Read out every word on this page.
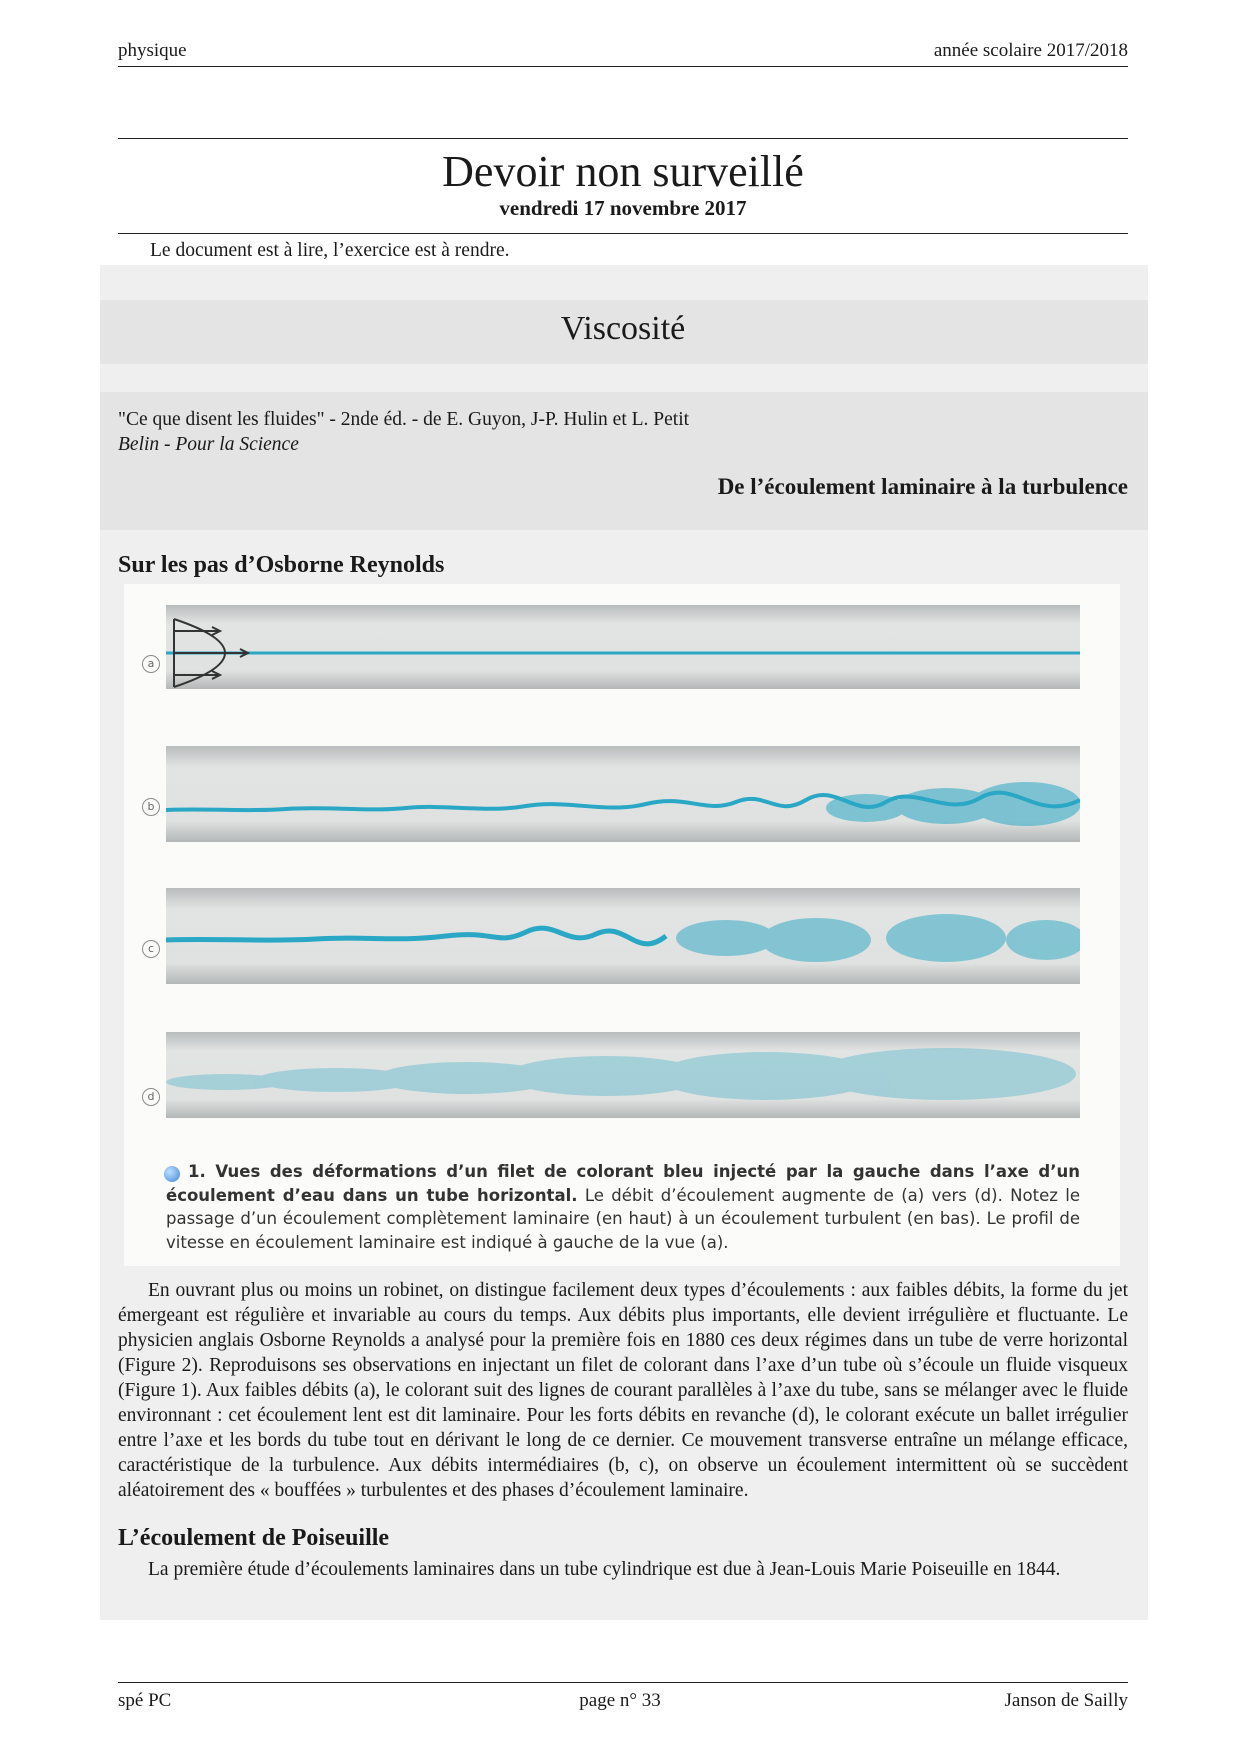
physique	année scolaire 2017/2018
Devoir non surveillé
vendredi 17 novembre 2017
Le document est à lire, l’exercice est à rendre.
Viscosité
"Ce que disent les fluides" - 2nde éd. - de E. Guyon, J-P. Hulin et L. Petit
Belin - Pour la Science
De l’écoulement laminaire à la turbulence
Sur les pas d’Osborne Reynolds
a
b
c
d
1. Vues des déformations d’un filet de colorant bleu injecté par la gauche dans l’axe d’un écoulement d’eau dans un tube horizontal. Le débit d’écoulement augmente de (a) vers (d). Notez le passage d’un écoulement complètement laminaire (en haut) à un écoulement turbulent (en bas). Le profil de vitesse en écoulement laminaire est indiqué à gauche de la vue (a).
En ouvrant plus ou moins un robinet, on distingue facilement deux types d’écoulements : aux faibles débits, la forme du jet émergeant est régulière et invariable au cours du temps. Aux débits plus importants, elle devient irrégulière et fluctuante. Le physicien anglais Osborne Reynolds a analysé pour la première fois en 1880 ces deux régimes dans un tube de verre horizontal (Figure 2). Reproduisons ses observations en injectant un filet de colorant dans l’axe d’un tube où s’écoule un fluide visqueux (Figure 1). Aux faibles débits (a), le colorant suit des lignes de courant parallèles à l’axe du tube, sans se mélanger avec le fluide environnant : cet écoulement lent est dit laminaire. Pour les forts débits en revanche (d), le colorant exécute un ballet irrégulier entre l’axe et les bords du tube tout en dérivant le long de ce dernier. Ce mouvement transverse entraîne un mélange efficace, caractéristique de la turbulence. Aux débits intermédiaires (b, c), on observe un écoulement intermittent où se succèdent aléatoirement des « bouffées » turbulentes et des phases d’écoulement laminaire.
L’écoulement de Poiseuille
La première étude d’écoulements laminaires dans un tube cylindrique est due à Jean-Louis Marie Poiseuille en 1844.
spé PC	page n° 33	Janson de Sailly
